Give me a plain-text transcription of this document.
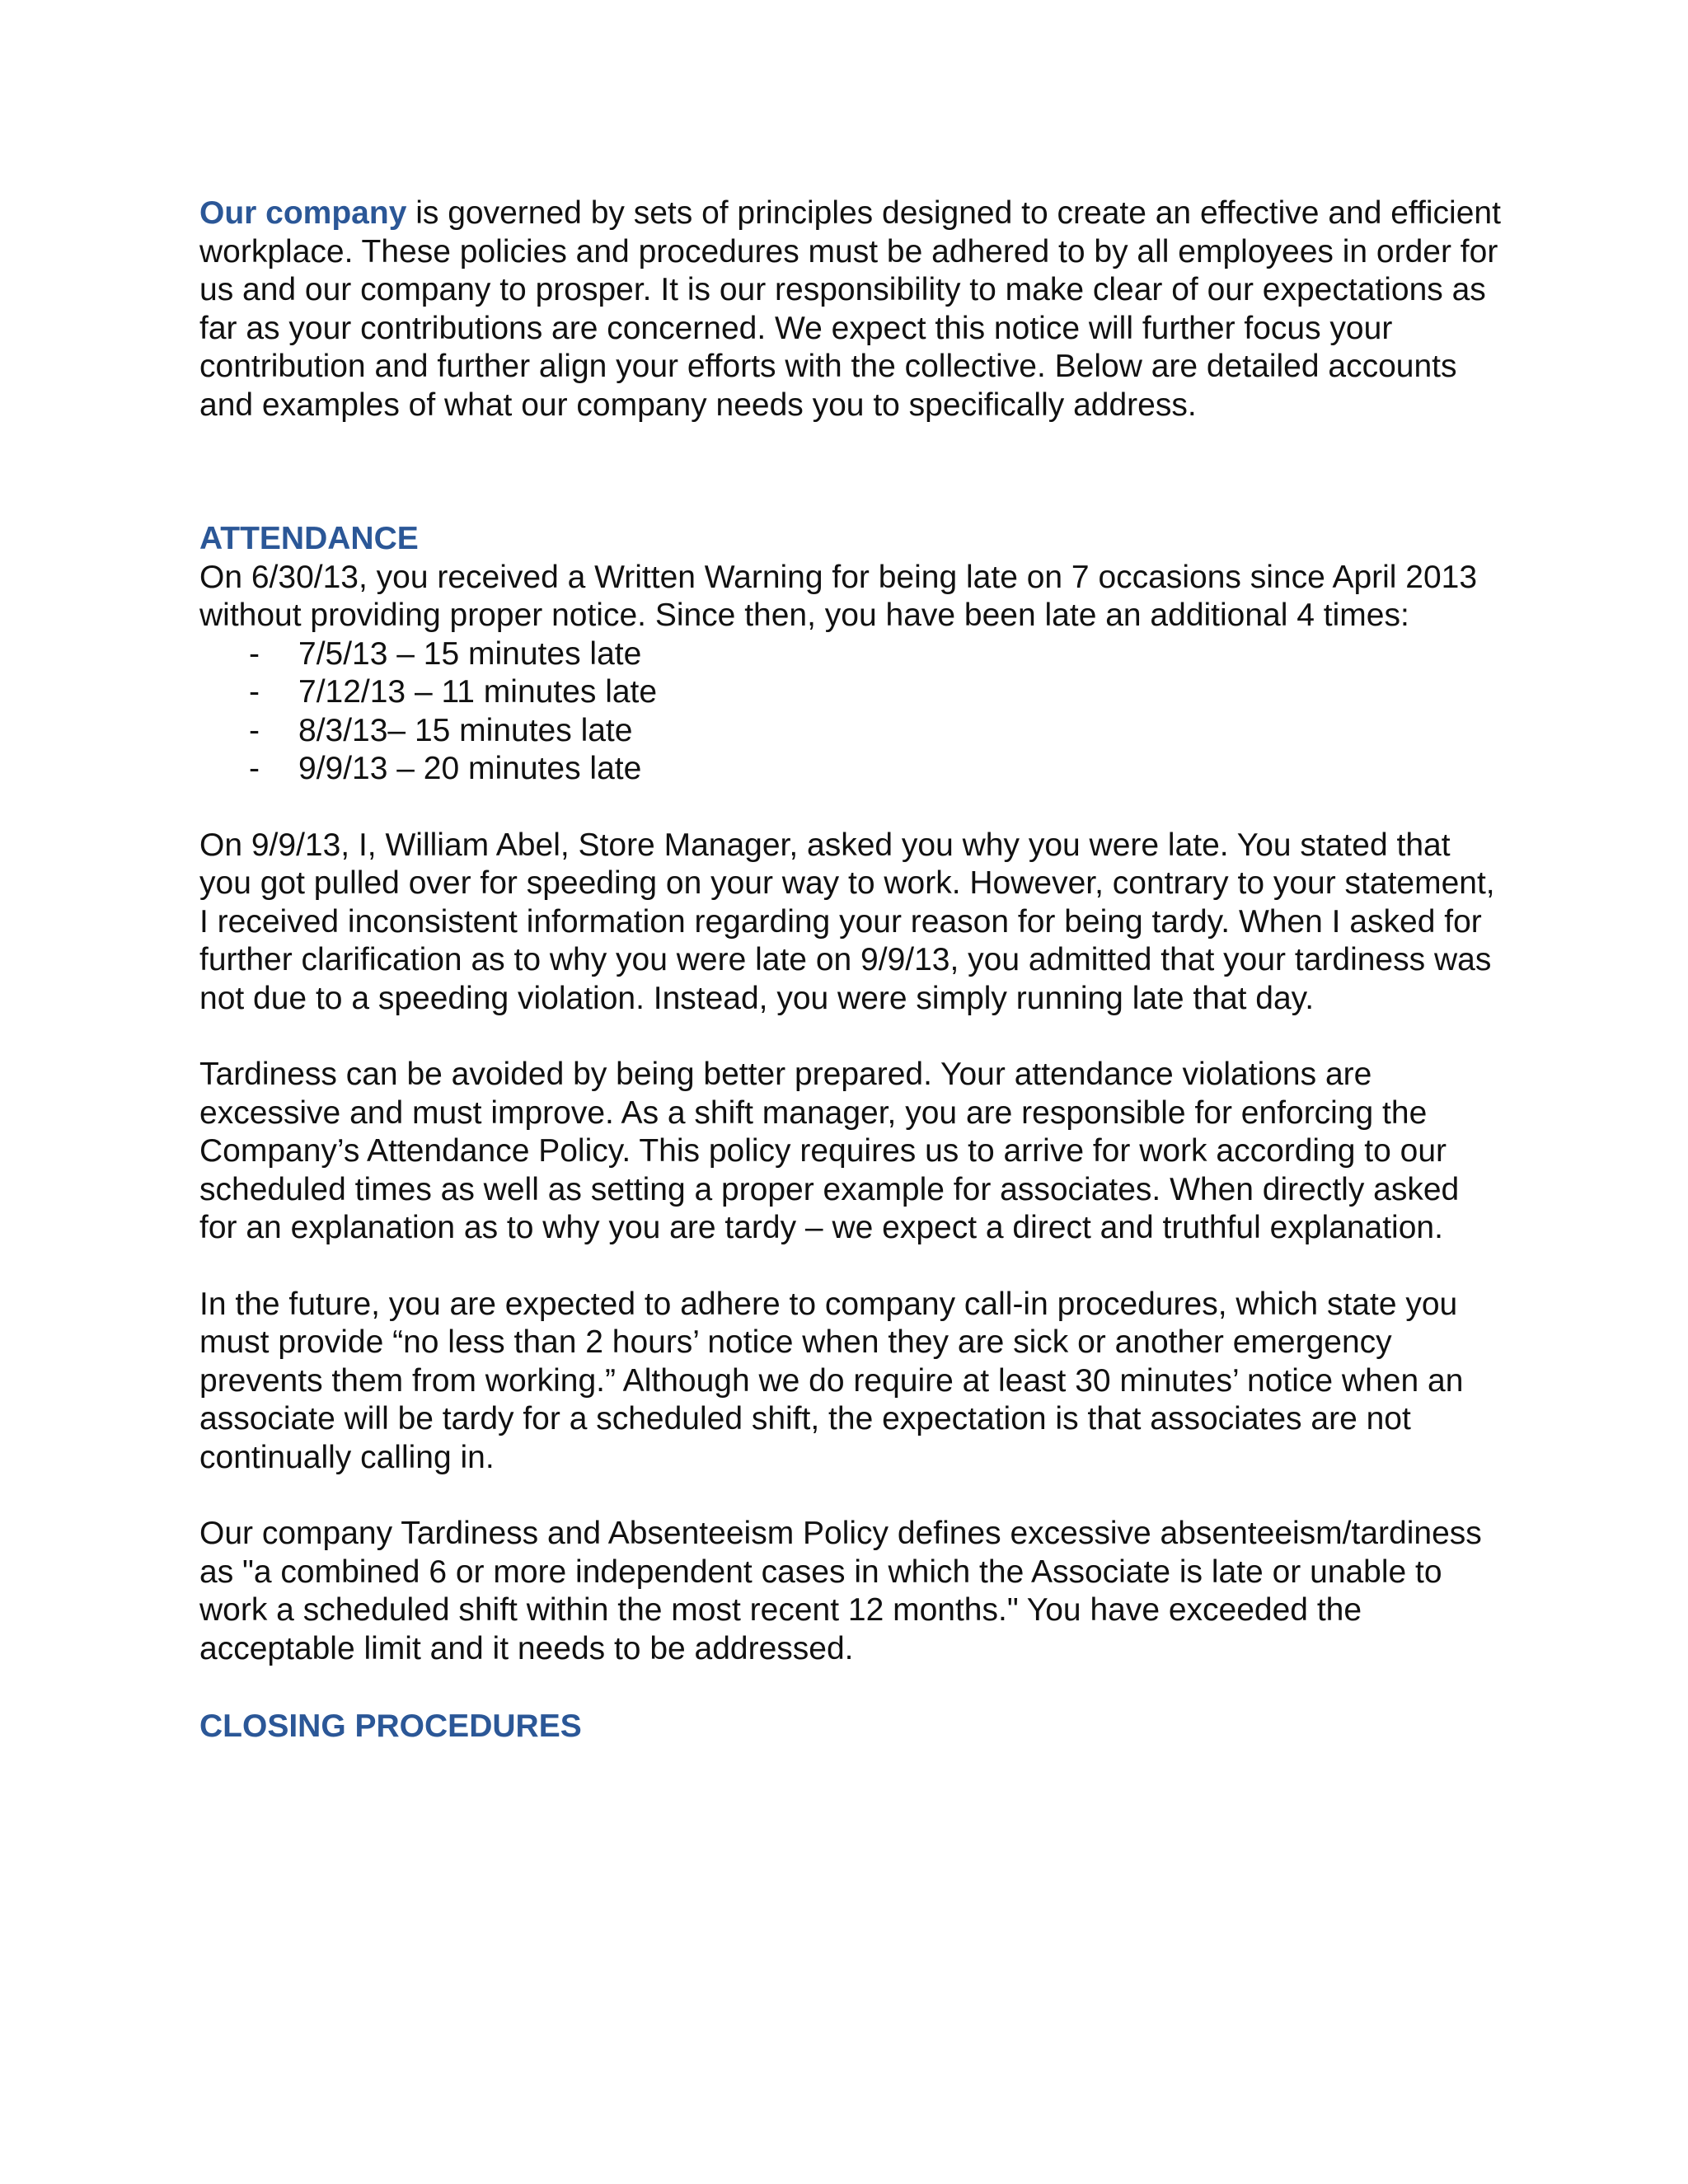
Our company is governed by sets of principles designed to create an effective and efficient workplace. These policies and procedures must be adhered to by all employees in order for us and our company to prosper. It is our responsibility to make clear of our expectations as far as your contributions are concerned. We expect this notice will further focus your contribution and further align your efforts with the collective. Below are detailed accounts and examples of what our company needs you to specifically address.

ATTENDANCE

On 6/30/13, you received a Written Warning for being late on 7 occasions since April 2013 without providing proper notice. Since then, you have been late an additional 4 times:

- 7/5/13 – 15 minutes late
- 7/12/13 – 11 minutes late
- 8/3/13– 15 minutes late
- 9/9/13 – 20 minutes late

On 9/9/13, I, William Abel, Store Manager, asked you why you were late. You stated that you got pulled over for speeding on your way to work. However, contrary to your statement, I received inconsistent information regarding your reason for being tardy. When I asked for further clarification as to why you were late on 9/9/13, you admitted that your tardiness was not due to a speeding violation. Instead, you were simply running late that day.

Tardiness can be avoided by being better prepared. Your attendance violations are excessive and must improve. As a shift manager, you are responsible for enforcing the Company’s Attendance Policy. This policy requires us to arrive for work according to our scheduled times as well as setting a proper example for associates. When directly asked for an explanation as to why you are tardy – we expect a direct and truthful explanation.

In the future, you are expected to adhere to company call-in procedures, which state you must provide “no less than 2 hours’ notice when they are sick or another emergency prevents them from working.” Although we do require at least 30 minutes’ notice when an associate will be tardy for a scheduled shift, the expectation is that associates are not continually calling in.

Our company Tardiness and Absenteeism Policy defines excessive absenteeism/tardiness as "a combined 6 or more independent cases in which the Associate is late or unable to work a scheduled shift within the most recent 12 months." You have exceeded the acceptable limit and it needs to be addressed.

CLOSING PROCEDURES
